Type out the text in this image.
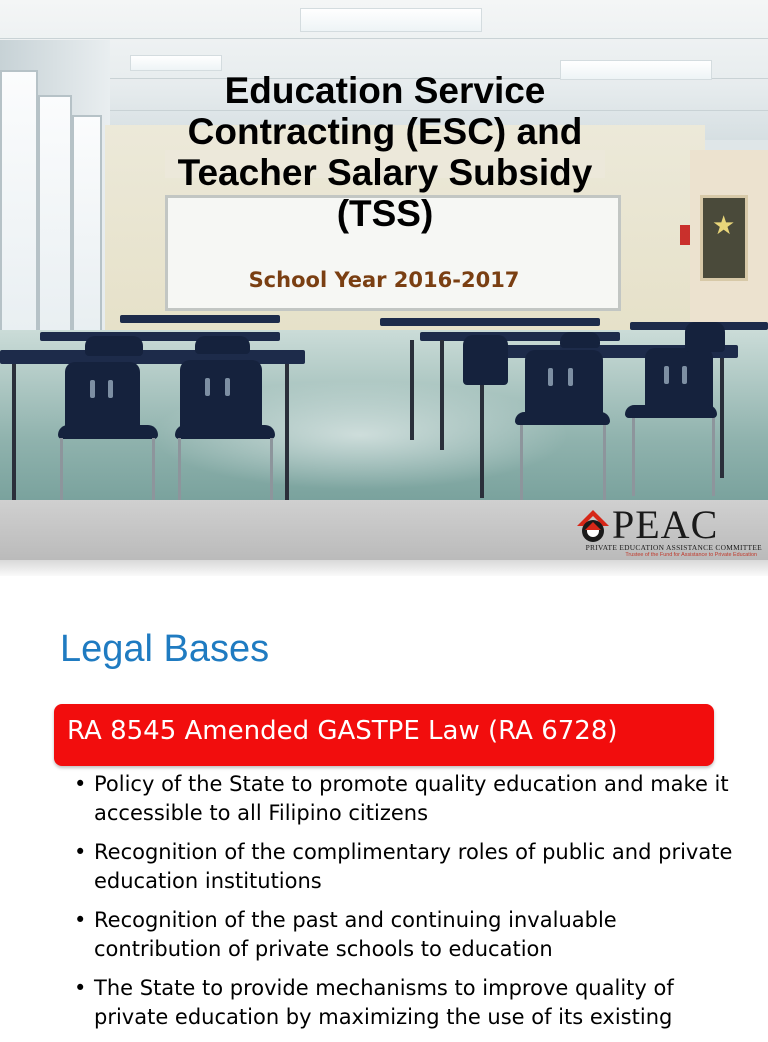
★
Education Service
Contracting (ESC) and
Teacher Salary Subsidy
(TSS)
School Year 2016-2017
PEAC
PRIVATE EDUCATION ASSISTANCE COMMITTEE
Trustee of the Fund for Assistance to Private Education
Legal Bases
RA 8545 Amended GASTPE Law (RA 6728)
• Policy of the State to promote quality education and make it accessible to all Filipino citizens
• Recognition of the complimentary roles of public and private education institutions
• Recognition of the past and continuing invaluable contribution of private schools to education
• The State to provide mechanisms to improve quality of private education by maximizing the use of its existing
